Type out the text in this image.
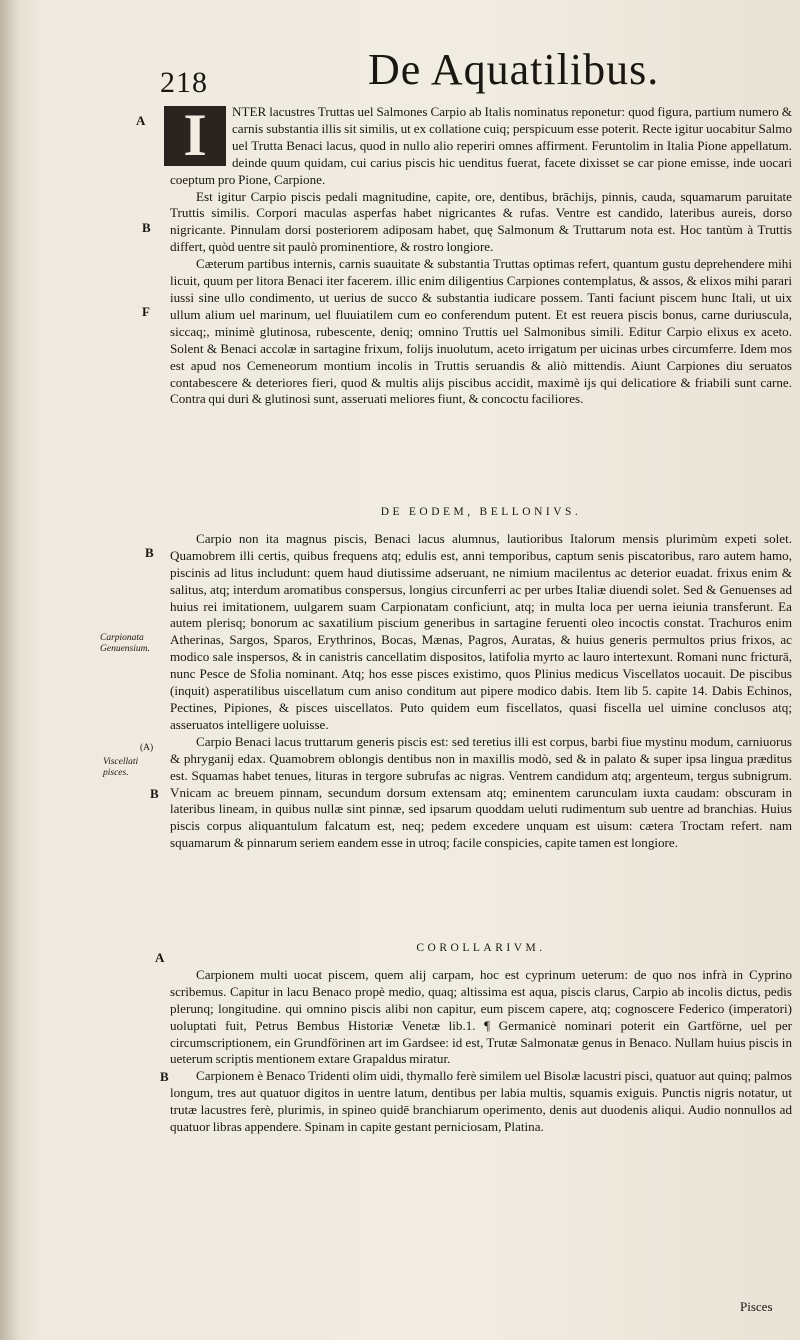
218	De Aquatilibus.
A
B
F
B
B
A
B
Carpionata Genuensium.
(A)
Viscellati pisces.
I	NTER lacustres Truttas uel Salmones Carpio ab Italis nominatus reponetur: quod figura, partium numero & carnis substantia illis sit similis, ut ex collatione cuiq; perspicuum esse poterit. Recte igitur uocabitur Salmo uel Trutta Benaci lacus, quod in nullo alio reperiri omnes affirment. Feruntolim in Italia Pione appellatum. deinde quum quidam, cui carius piscis hic uenditus fuerat, facete dixisset se car pione emisse, inde uocari coeptum pro Pione, Carpione.

Est igitur Carpio piscis pedali magnitudine, capite, ore, dentibus, brāchijs, pinnis, cauda, squamarum paruitate Truttis similis. Corpori maculas asperfas habet nigricantes & rufas. Ventre est candido, lateribus aureis, dorso nigricante. Pinnulam dorsi posteriorem adiposam habet, quę Salmonum & Truttarum nota est. Hoc tantùm à Truttis differt, quòd uentre sit paulò prominentiore, & rostro longiore.

Cæterum partibus internis, carnis suauitate & substantia Truttas optimas refert, quantum gustu deprehendere mihi licuit, quum per litora Benaci iter facerem. illic enim diligentius Carpiones contemplatus, & assos, & elixos mihi parari iussi sine ullo condimento, ut uerius de succo & substantia iudicare possem. Tanti faciunt piscem hunc Itali, ut uix ullum alium uel marinum, uel fluuiatilem cum eo conferendum putent. Et est reuera piscis bonus, carne duriuscula, siccaq;, minimè glutinosa, rubescente, deniq; omnino Truttis uel Salmonibus simili. Editur Carpio elixus ex aceto. Solent & Benaci accolæ in sartagine frixum, folijs inuolutum, aceto irrigatum per uicinas urbes circumferre. Idem mos est apud nos Cemeneorum montium incolis in Truttis seruandis & aliò mittendis. Aiunt Carpiones diu seruatos contabescere & deteriores fieri, quod & multis alijs piscibus accidit, maximè ijs qui delicatiore & friabili sunt carne. Contra qui duri & glutinosi sunt, asseruati meliores fiunt, & concoctu faciliores.

DE EODEM, BELLONIVS.

Carpio non ita magnus piscis, Benaci lacus alumnus, lautioribus Italorum mensis plurimùm expeti solet. Quamobrem illi certis, quibus frequens atq; edulis est, anni temporibus, captum senis piscatoribus, raro autem hamo, piscinis ad litus includunt: quem haud diutissime adseruant, ne nimium macilentus ac deterior euadat. frixus enim & salitus, atq; interdum aromatibus conspersus, longius circunferri ac per urbes Italiæ diuendi solet. Sed & Genuenses ad huius rei imitationem, uulgarem suam Carpionatam conficiunt, atq; in multa loca per uerna ieiunia transferunt. Ea autem plerisq; bonorum ac saxatilium piscium generibus in sartagine feruenti oleo incoctis constat. Trachuros enim Atherinas, Sargos, Sparos, Erythrinos, Bocas, Mænas, Pagros, Auratas, & huius generis permultos prius frixos, ac modico sale inspersos, & in canistris cancellatim dispositos, latifolia myrto ac lauro intertexunt. Romani nunc fricturā, nunc Pesce de Sfolia nominant. Atq; hos esse pisces existimo, quos Plinius medicus Viscellatos uocauit. De piscibus (inquit) asperatilibus uiscellatum cum aniso conditum aut pipere modico dabis. Item lib 5. capite 14. Dabis Echinos, Pectines, Pipiones, & pisces uiscellatos. Puto quidem eum fiscellatos, quasi fiscella uel uimine conclusos atq; asseruatos intelligere uoluisse.

Carpio Benaci lacus truttarum generis piscis est: sed teretius illi est corpus, barbi fiue mystinu modum, carniuorus & phryganij edax. Quamobrem oblongis dentibus non in maxillis modò, sed & in palato & super ipsa lingua præditus est. Squamas habet tenues, lituras in tergore subrufas ac nigras. Ventrem candidum atq; argenteum, tergus subnigrum. Vnicam ac breuem pinnam, secundum dorsum extensam atq; eminentem carunculam iuxta caudam: obscuram in lateribus lineam, in quibus nullæ sint pinnæ, sed ipsarum quoddam ueluti rudimentum sub uentre ad branchias. Huius piscis corpus aliquantulum falcatum est, neq; pedem excedere unquam est uisum: cætera Troctam refert. nam squamarum & pinnarum seriem eandem esse in utroq; facile conspicies, capite tamen est longiore.

COROLLARIVM.

Carpionem multi uocat piscem, quem alij carpam, hoc est cyprinum ueterum: de quo nos infrà in Cyprino scribemus. Capitur in lacu Benaco propè medio, quaq; altissima est aqua, piscis clarus, Carpio ab incolis dictus, pedis plerunq; longitudine. qui omnino piscis alibi non capitur, eum piscem capere, atq; cognoscere Federico (imperatori) uoluptati fuit, Petrus Bembus Historiæ Venetæ lib.1. ¶ Germanicè nominari poterit ein Gartförne, uel per circumscriptionem, ein Grundförinen art im Gardsee: id est, Trutæ Salmonatæ genus in Benaco. Nullam huius piscis in ueterum scriptis mentionem extare Grapaldus miratur.

Carpionem è Benaco Tridenti olim uidi, thymallo ferè similem uel Bisolæ lacustri pisci, quatuor aut quinq; palmos longum, tres aut quatuor digitos in uentre latum, dentibus per labia multis, squamis exiguis. Punctis nigris notatur, ut trutæ lacustres ferè, plurimis, in spineo quidē branchiarum operimento, denis aut duodenis aliqui. Audio nonnullos ad quatuor libras appendere. Spinam in capite gestant perniciosam, Platina.

Pisces
